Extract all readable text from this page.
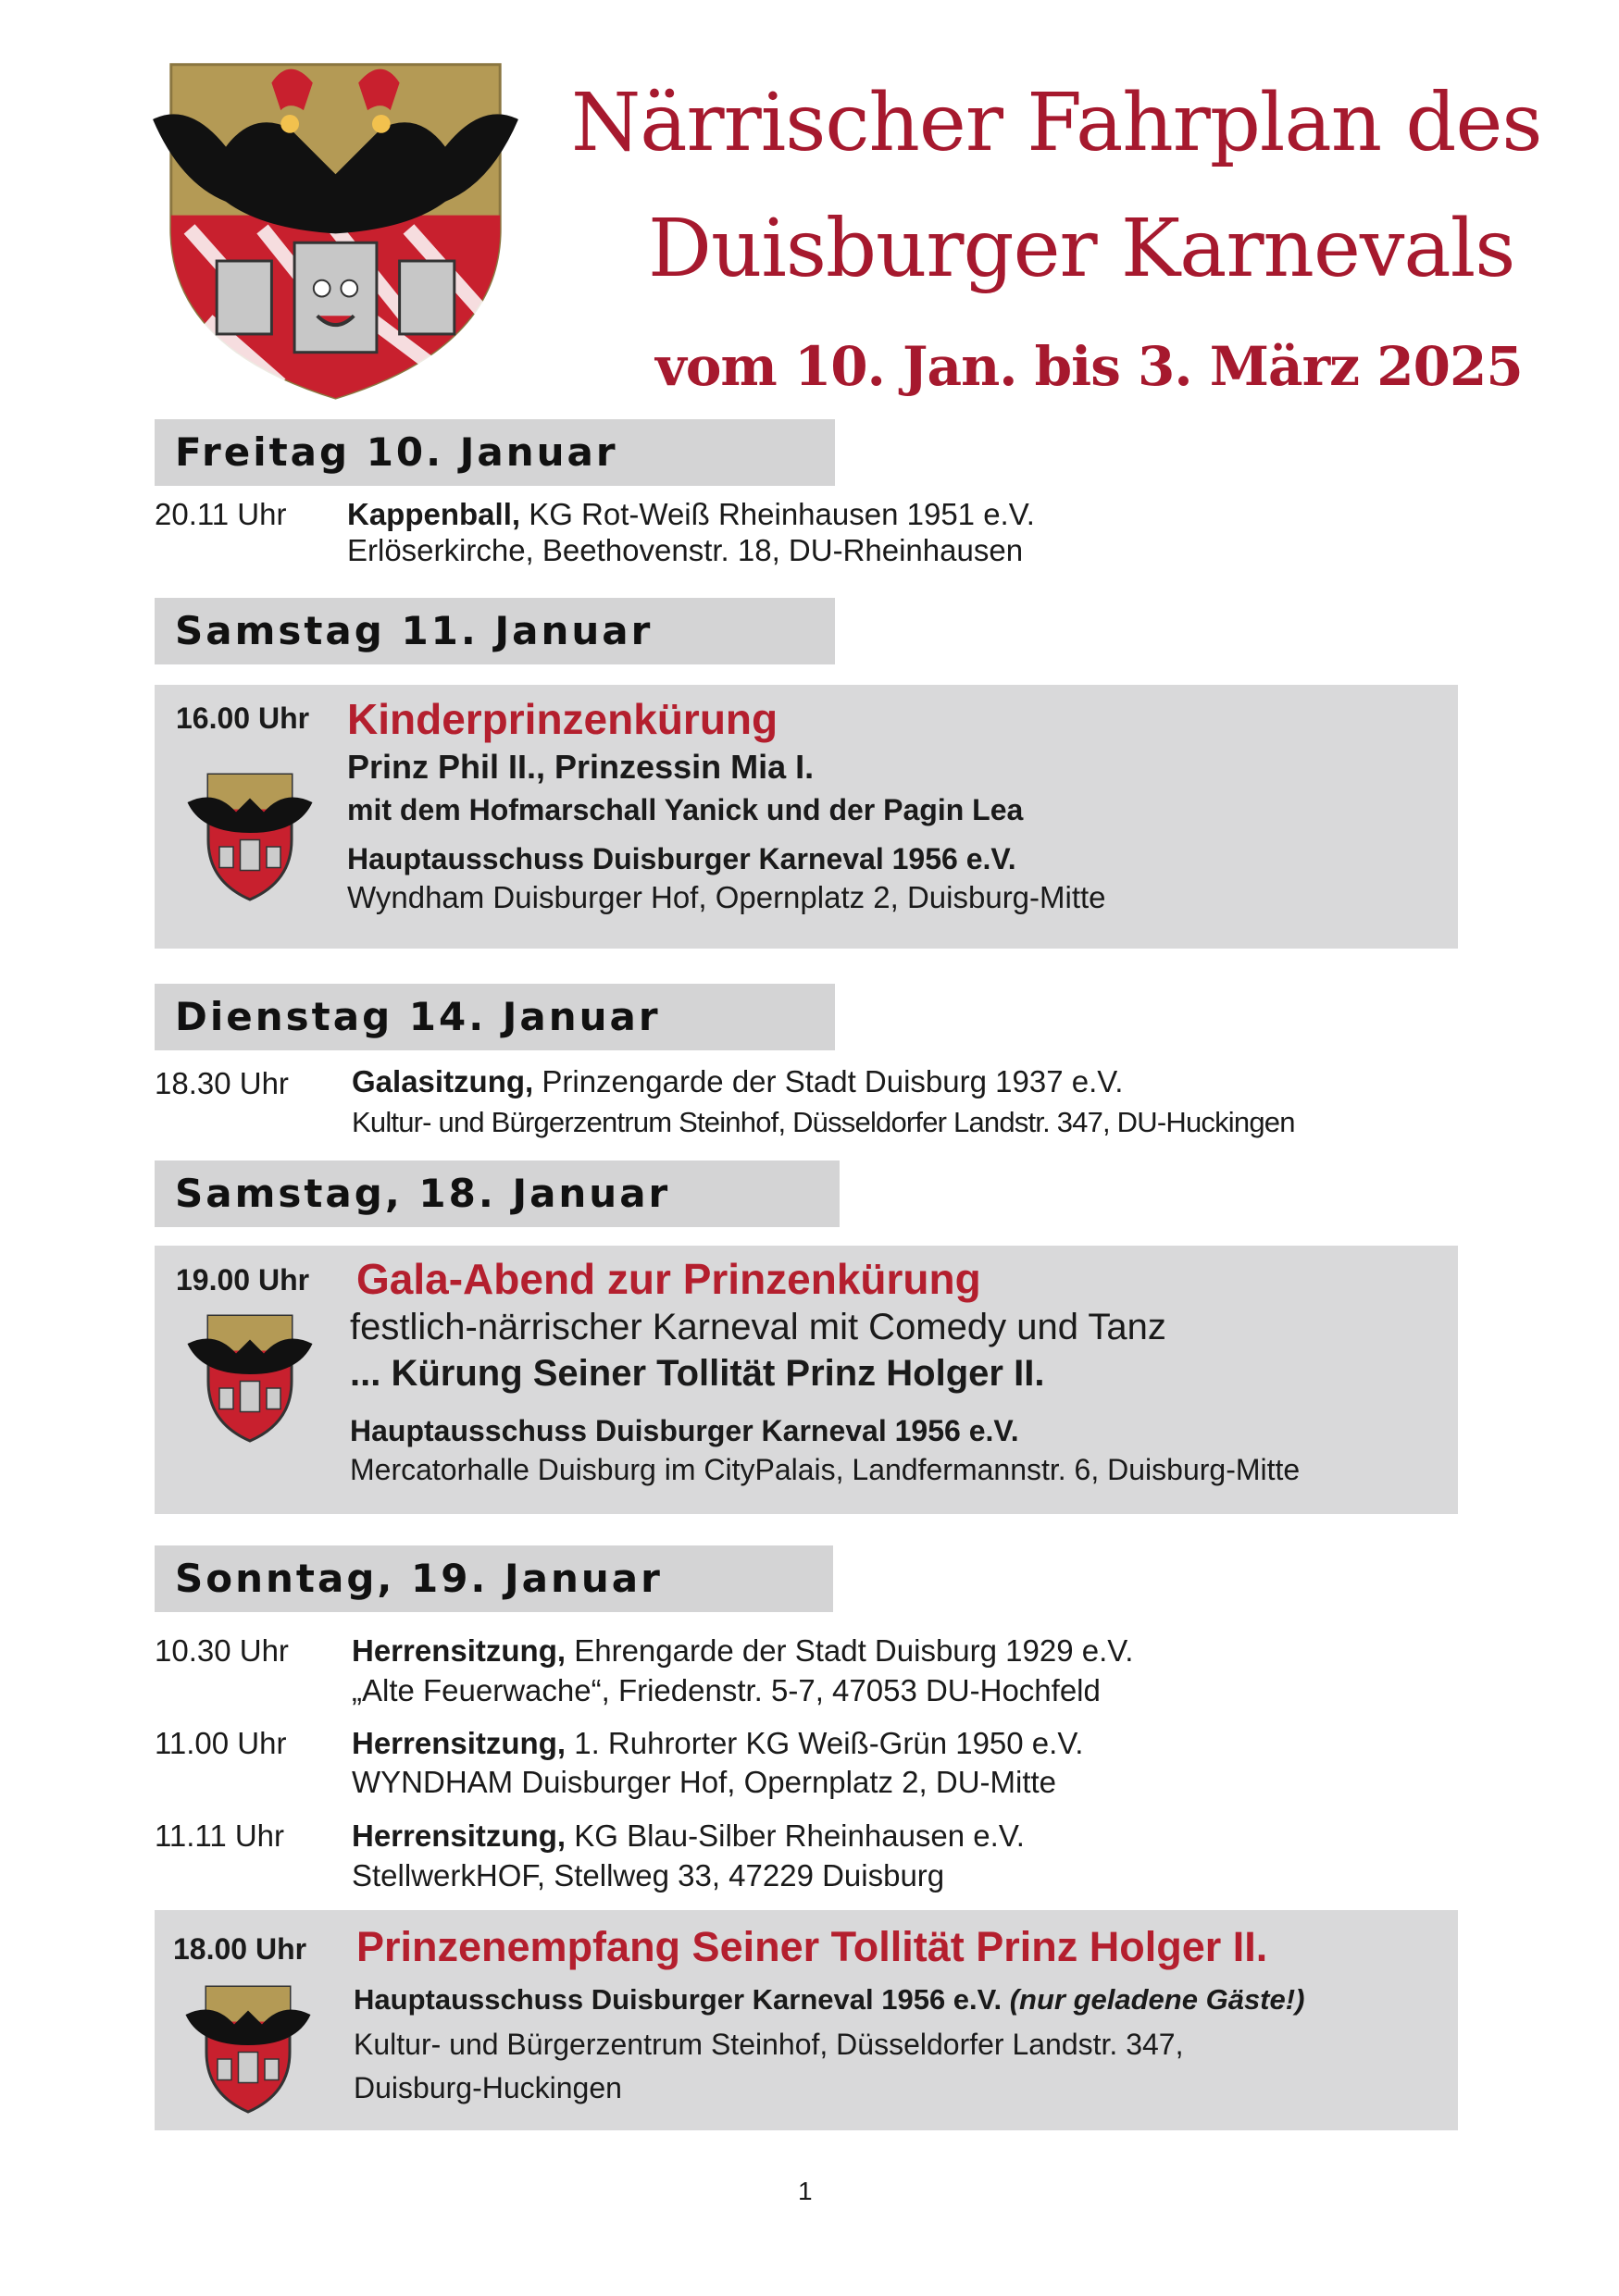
Närrischer Fahrplan des
Duisburger Karnevals
vom 10. Jan. bis 3. März 2025
Freitag 10. Januar
20.11 Uhr Kappenball, KG Rot-Weiß Rheinhausen 1951 e.V.
Erlöserkirche, Beethovenstr. 18, DU-Rheinhausen
Samstag 11. Januar
16.00 Uhr Kinderprinzenkürung
Prinz Phil II., Prinzessin Mia I.
mit dem Hofmarschall Yanick und der Pagin Lea
Hauptausschuss Duisburger Karneval 1956 e.V.
Wyndham Duisburger Hof, Opernplatz 2, Duisburg-Mitte
Dienstag 14. Januar
18.30 Uhr Galasitzung, Prinzengarde der Stadt Duisburg 1937 e.V.
Kultur- und Bürgerzentrum Steinhof, Düsseldorfer Landstr. 347, DU-Huckingen
Samstag, 18. Januar
19.00 Uhr Gala-Abend zur Prinzenkürung
festlich-närrischer Karneval mit Comedy und Tanz
... Kürung Seiner Tollität Prinz Holger II.
Hauptausschuss Duisburger Karneval 1956 e.V.
Mercatorhalle Duisburg im CityPalais, Landfermannstr. 6, Duisburg-Mitte
Sonntag, 19. Januar
10.30 Uhr Herrensitzung, Ehrengarde der Stadt Duisburg 1929 e.V.
„Alte Feuerwache“, Friedenstr. 5-7, 47053 DU-Hochfeld
11.00 Uhr Herrensitzung, 1. Ruhrorter KG Weiß-Grün 1950 e.V.
WYNDHAM Duisburger Hof, Opernplatz 2, DU-Mitte
11.11 Uhr Herrensitzung, KG Blau-Silber Rheinhausen e.V.
StellwerkHOF, Stellweg 33, 47229 Duisburg
18.00 Uhr Prinzenempfang Seiner Tollität Prinz Holger II.
Hauptausschuss Duisburger Karneval 1956 e.V. (nur geladene Gäste!)
Kultur- und Bürgerzentrum Steinhof, Düsseldorfer Landstr. 347,
Duisburg-Huckingen
1
